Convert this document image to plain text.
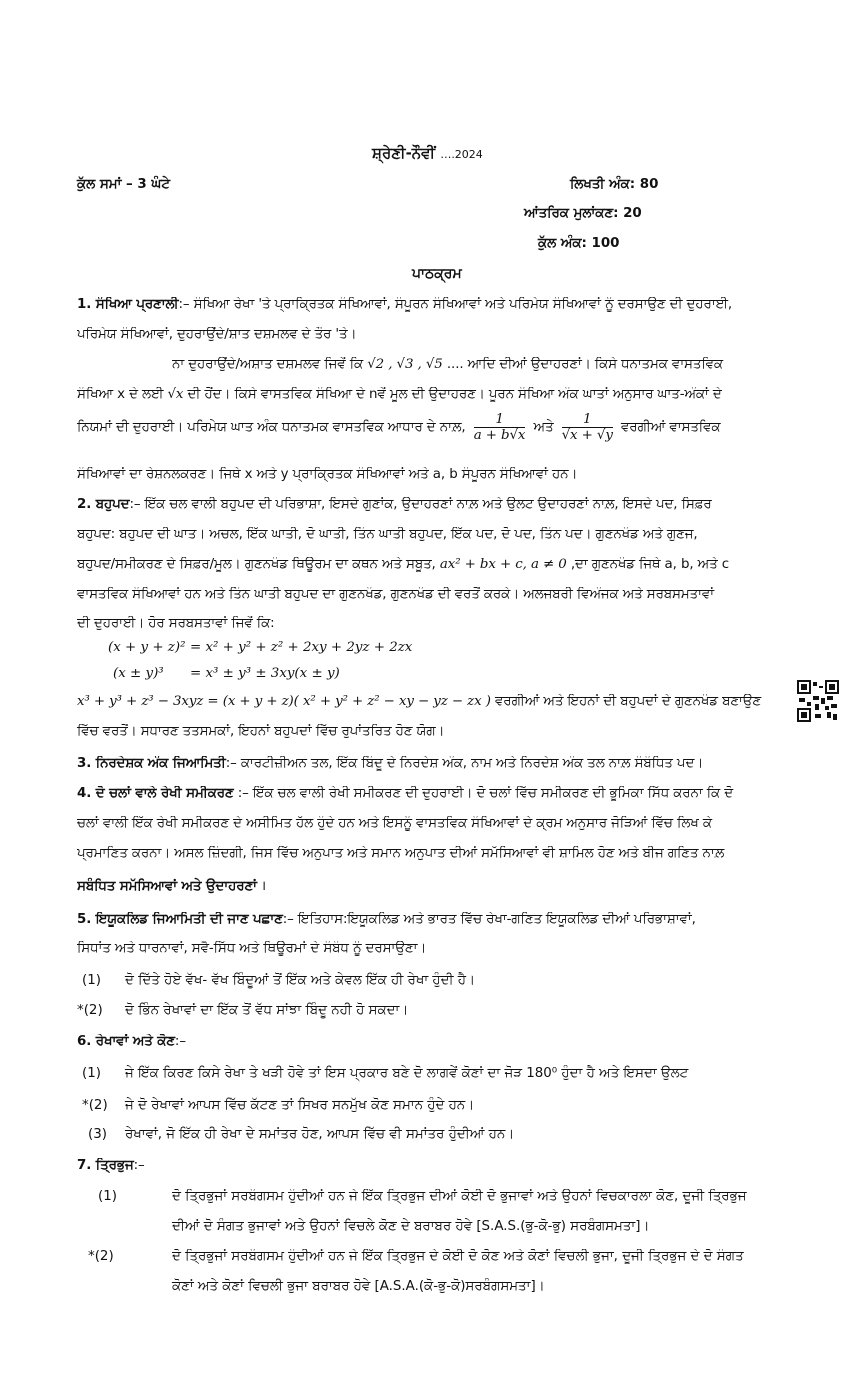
ਸ਼੍ਰੇਣੀ-ਨੌਵੀਂ ….2024
ਕੁੱਲ ਸਮਾਂ – 3 ਘੰਟੇ	ਲਿਖਤੀ ਅੰਕ: 80
ਆਂਤਰਿਕ ਮੁਲਾਂਕਣ: 20
ਕੁੱਲ ਅੰਕ: 100
ਪਾਠਕ੍ਰਮ
1. ਸੰਖਿਆ ਪ੍ਰਣਾਲੀ:– ਸੰਖਿਆ ਰੇਖਾ 'ਤੇ ਪ੍ਰਾਕ੍ਰਿਤਕ ਸੰਖਿਆਵਾਂ, ਸੰਪੂਰਨ ਸੰਖਿਆਵਾਂ ਅਤੇ ਪਰਿਮੇਯ ਸੰਖਿਆਵਾਂ ਨੂੰ ਦਰਸਾਉਣ ਦੀ ਦੁਹਰਾਈ,
ਪਰਿਮੇਯ ਸੰਖਿਆਵਾਂ, ਦੁਹਰਾਉਂਦੇ/ਸ਼ਾਤ ਦਸ਼ਮਲਵ ਦੇ ਤੌਰ 'ਤੇ।
ਨਾ ਦੁਹਰਾਉਂਦੇ/ਅਸ਼ਾਤ ਦਸ਼ਮਲਵ ਜਿਵੇਂ ਕਿ √2 , √3 , √5 .... ਆਦਿ ਦੀਆਂ ਉਦਾਹਰਣਾਂ। ਕਿਸੇ ਧਨਾਤਮਕ ਵਾਸਤਵਿਕ
ਸੰਖਿਆ x ਦੇ ਲਈ √x ਦੀ ਹੋਂਦ। ਕਿਸੇ ਵਾਸਤਵਿਕ ਸੰਖਿਆ ਦੇ nਵੇਂ ਮੂਲ ਦੀ ਉਦਾਹਰਣ। ਪੂਰਨ ਸੰਖਿਆ ਅੰਕ ਘਾਤਾਂ ਅਨੁਸਾਰ ਘਾਤ-ਅੰਕਾਂ ਦੇ
ਨਿਯਮਾਂ ਦੀ ਦੁਹਰਾਈ। ਪਰਿਮੇਯ ਘਾਤ ਅੰਕ ਧਨਾਤਮਕ ਵਾਸਤਵਿਕ ਆਧਾਰ ਦੇ ਨਾਲ਼, $\frac{1}{a + b√x}$ ਅਤੇ $\frac{1}{√x + √y}$ ਵਰਗੀਆਂ ਵਾਸਤਵਿਕ
ਸੰਖਿਆਵਾਂ ਦਾ ਰੇਸ਼ਨਲਕਰਣ। ਜਿਥੇ x ਅਤੇ y ਪ੍ਰਾਕ੍ਰਿਤਕ ਸੰਖਿਆਵਾਂ ਅਤੇ a, b ਸੰਪੂਰਨ ਸੰਖਿਆਵਾਂ ਹਨ।
2. ਬਹੁਪਦ:– ਇੱਕ ਚਲ ਵਾਲੀ ਬਹੁਪਦ ਦੀ ਪਰਿਭਾਸ਼ਾ, ਇਸਦੇ ਗੁਣਾਂਕ, ਉਦਾਹਰਣਾਂ ਨਾਲ਼ ਅਤੇ ਉਲਟ ਉਦਾਹਰਣਾਂ ਨਾਲ਼, ਇਸਦੇ ਪਦ, ਸਿਫ਼ਰ
ਬਹੁਪਦ: ਬਹੁਪਦ ਦੀ ਘਾਤ। ਅਚਲ, ਇੱਕ ਘਾਤੀ, ਦੋ ਘਾਤੀ, ਤਿੰਨ ਘਾਤੀ ਬਹੁਪਦ, ਇੱਕ ਪਦ, ਦੋ ਪਦ, ਤਿੰਨ ਪਦ। ਗੁਣਨਖੰਡ ਅਤੇ ਗੁਣਜ,
ਬਹੁਪਦ/ਸਮੀਕਰਣ ਦੇ ਸਿਫ਼ਰ/ਮੂਲ। ਗੁਣਨਖੰਡ ਥਿਊਰਮ ਦਾ ਕਥਨ ਅਤੇ ਸਬੂਤ, ax² + bx + c, a ≠ 0 ,ਦਾ ਗੁਣਨਖੰਡ ਜਿਥੇ a, b, ਅਤੇ c
ਵਾਸਤਵਿਕ ਸੰਖਿਆਵਾਂ ਹਨ ਅਤੇ ਤਿੰਨ ਘਾਤੀ ਬਹੁਪਦ ਦਾ ਗੁਣਨਖੰਡ, ਗੁਣਨਖੰਡ ਦੀ ਵਰਤੋਂ ਕਰਕੇ। ਅਲਜਬਰੀ ਵਿਅੰਜਕ ਅਤੇ ਸਰਬਸਮਤਾਵਾਂ
ਦੀ ਦੁਹਰਾਈ। ਹੋਰ ਸਰਬਸਤਾਵਾਂ ਜਿਵੇਂ ਕਿ:
(x + y + z)² = x² + y² + z² + 2xy + 2yz + 2zx
(x ± y)³ = x³ ± y³ ± 3xy(x ± y)
x³ + y³ + z³ − 3xyz = (x + y + z)( x² + y² + z² − xy − yz − zx ) ਵਰਗੀਆਂ ਅਤੇ ਇਹਨਾਂ ਦੀ ਬਹੁਪਦਾਂ ਦੇ ਗੁਣਨਖੰਡ ਬਣਾਉਣ
ਵਿੱਚ ਵਰਤੋਂ। ਸਧਾਰਣ ਤਤਸਮਕਾਂ, ਇਹਨਾਂ ਬਹੁਪਦਾਂ ਵਿੱਚ ਰੁਪਾਂਤਰਿਤ ਹੋਣ ਯੋਗ।
3. ਨਿਰਦੇਸ਼ਕ ਅੰਕ ਜਿਆਮਿਤੀ:– ਕਾਰਟੀਜ਼ੀਅਨ ਤਲ, ਇੱਕ ਬਿੰਦੂ ਦੇ ਨਿਰਦੇਸ਼ ਅੰਕ, ਨਾਮ ਅਤੇ ਨਿਰਦੇਸ਼ ਅੰਕ ਤਲ ਨਾਲ਼ ਸੰਬੰਧਿਤ ਪਦ।
4. ਦੋ ਚਲਾਂ ਵਾਲੇ ਰੇਖੀ ਸਮੀਕਰਣ :– ਇੱਕ ਚਲ ਵਾਲੀ ਰੇਖੀ ਸਮੀਕਰਣ ਦੀ ਦੁਹਰਾਈ। ਦੋ ਚਲਾਂ ਵਿੱਚ ਸਮੀਕਰਣ ਦੀ ਭੂਮਿਕਾ ਸਿੱਧ ਕਰਨਾ ਕਿ ਦੋ
ਚਲਾਂ ਵਾਲੀ ਇੱਕ ਰੇਖੀ ਸਮੀਕਰਣ ਦੇ ਅਸੀਮਿਤ ਹੱਲ ਹੁੰਦੇ ਹਨ ਅਤੇ ਇਸਨੂੰ ਵਾਸਤਵਿਕ ਸੰਖਿਆਵਾਂ ਦੇ ਕ੍ਰਮ ਅਨੁਸਾਰ ਜੋੜਿਆਂ ਵਿੱਚ ਲਿਖ ਕੇ
ਪ੍ਰਮਾਣਿਤ ਕਰਨਾ। ਅਸਲ ਜ਼ਿੰਦਗੀ, ਜਿਸ ਵਿੱਚ ਅਨੁਪਾਤ ਅਤੇ ਸਮਾਨ ਅਨੁਪਾਤ ਦੀਆਂ ਸਮੱਸਿਆਵਾਂ ਵੀ ਸ਼ਾਮਿਲ ਹੋਣ ਅਤੇ ਬੀਜ ਗਣਿਤ ਨਾਲ਼
ਸਬੰਧਿਤ ਸਮੱਸਿਆਵਾਂ ਅਤੇ ਉਦਾਹਰਣਾਂ ।
5. ਇਯੂਕਲਿਡ ਜਿਆਮਿਤੀ ਦੀ ਜਾਣ ਪਛਾਣ:– ਇਤਿਹਾਸ:ਇਯੂਕਲਿਡ ਅਤੇ ਭਾਰਤ ਵਿੱਚ ਰੇਖਾ-ਗਣਿਤ ਇਯੂਕਲਿਡ ਦੀਆਂ ਪਰਿਭਾਸ਼ਾਵਾਂ,
ਸਿਧਾਂਤ ਅਤੇ ਧਾਰਨਾਵਾਂ, ਸਵੈ-ਸਿੱਧ ਅਤੇ ਥਿਊਰਮਾਂ ਦੇ ਸੰਬੰਧ ਨੂੰ ਦਰਸਾਉਣਾ।
(1) ਦੋ ਦਿੱਤੇ ਹੋਏ ਵੱਖ- ਵੱਖ ਬਿੰਦੂਆਂ ਤੋਂ ਇੱਕ ਅਤੇ ਕੇਵਲ ਇੱਕ ਹੀ ਰੇਖਾ ਹੁੰਦੀ ਹੈ।
*(2) ਦੋ ਭਿੰਨ ਰੇਖਾਵਾਂ ਦਾ ਇੱਕ ਤੋਂ ਵੱਧ ਸਾਂਝਾ ਬਿੰਦੂ ਨਹੀ ਹੋ ਸਕਦਾ।
6. ਰੇਖਾਵਾਂ ਅਤੇ ਕੋਣ:–
(1) ਜੇ ਇੱਕ ਕਿਰਣ ਕਿਸੇ ਰੇਖਾ ਤੇ ਖੜੀ ਹੋਵੇ ਤਾਂ ਇਸ ਪ੍ਰਕਾਰ ਬਣੇ ਦੋ ਲਾਗਵੇਂ ਕੋਣਾਂ ਦਾ ਜੋੜ 180⁰ ਹੁੰਦਾ ਹੈ ਅਤੇ ਇਸਦਾ ਉਲਟ
*(2) ਜੇ ਦੋ ਰੇਖਾਵਾਂ ਆਪਸ ਵਿੱਚ ਕੱਟਣ ਤਾਂ ਸਿਖਰ ਸਨਮੁੱਖ ਕੋਣ ਸਮਾਨ ਹੁੰਦੇ ਹਨ।
(3) ਰੇਖਾਵਾਂ, ਜੋ ਇੱਕ ਹੀ ਰੇਖਾ ਦੇ ਸਮਾਂਤਰ ਹੋਣ, ਆਪਸ ਵਿੱਚ ਵੀ ਸਮਾਂਤਰ ਹੁੰਦੀਆਂ ਹਨ।
7. ਤ੍ਰਿਭੁਜ:–
(1)	ਦੋ ਤ੍ਰਿਭੁਜਾਂ ਸਰਬੰਗਸਮ ਹੁੰਦੀਆਂ ਹਨ ਜੇ ਇੱਕ ਤ੍ਰਿਭੁਜ ਦੀਆਂ ਕੋਈ ਦੋ ਭੁਜਾਵਾਂ ਅਤੇ ਉਹਨਾਂ ਵਿਚਕਾਰਲਾ ਕੋਣ, ਦੂਜੀ ਤ੍ਰਿਭੁਜ
ਦੀਆਂ ਦੋ ਸੰਗਤ ਭੁਜਾਵਾਂ ਅਤੇ ਉਹਨਾਂ ਵਿਚਲੇ ਕੋਣ ਦੇ ਬਰਾਬਰ ਹੋਵੇ [S.A.S.(ਭੁ-ਕੋ-ਭੁ) ਸਰਬੰਗਸਮਤਾ]।
*(2)	ਦੋ ਤ੍ਰਿਭੁਜਾਂ ਸਰਬੰਗਸਮ ਹੁੰਦੀਆਂ ਹਨ ਜੇ ਇੱਕ ਤ੍ਰਿਭੁਜ ਦੇ ਕੋਈ ਦੋ ਕੋਣ ਅਤੇ ਕੋਣਾਂ ਵਿਚਲੀ ਭੁਜਾ, ਦੂਜੀ ਤ੍ਰਿਭੁਜ ਦੇ ਦੋ ਸੰਗਤ
ਕੋਣਾਂ ਅਤੇ ਕੋਣਾਂ ਵਿਚਲੀ ਭੁਜਾ ਬਰਾਬਰ ਹੋਵੇ [A.S.A.(ਕੋ-ਭੁ-ਕੋ)ਸਰਬੰਗਸਮਤਾ]।
